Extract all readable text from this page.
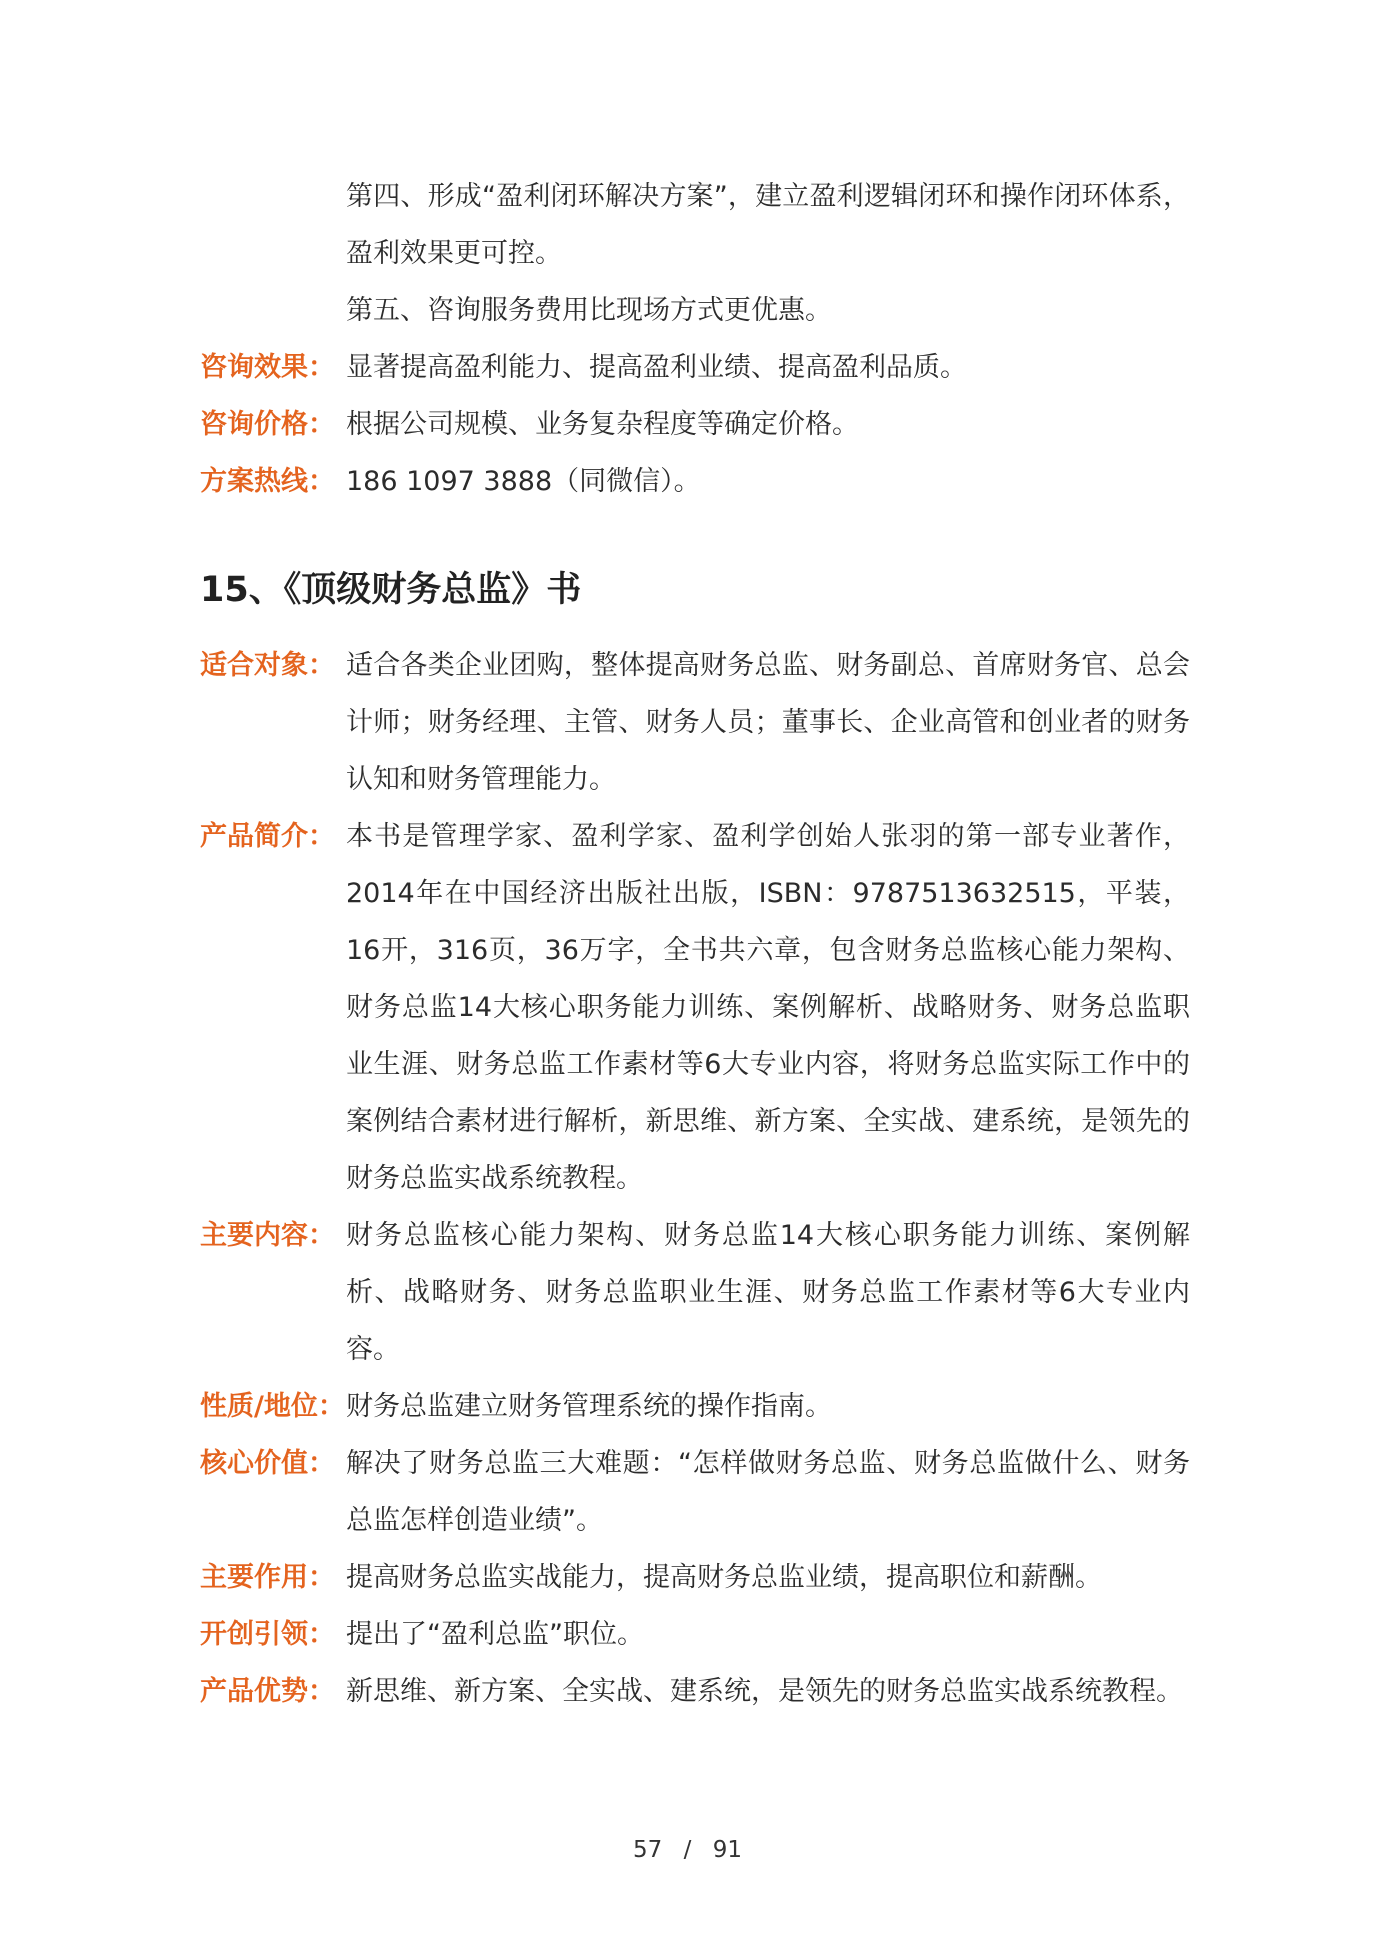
第四、形成“盈利闭环解决方案”，建立盈利逻辑闭环和操作闭环体系，盈利效果更可控。
第五、咨询服务费用比现场方式更优惠。
咨询效果： 显著提高盈利能力、提高盈利业绩、提高盈利品质。
咨询价格： 根据公司规模、业务复杂程度等确定价格。
方案热线： 186 1097 3888（同微信）。
15、《顶级财务总监》书
适合对象： 适合各类企业团购，整体提高财务总监、财务副总、首席财务官、总会计师；财务经理、主管、财务人员；董事长、企业高管和创业者的财务认知和财务管理能力。
产品简介： 本书是管理学家、盈利学家、盈利学创始人张羽的第一部专业著作，2014年在中国经济出版社出版，ISBN：9787513632515，平装，16开，316页，36万字，全书共六章，包含财务总监核心能力架构、财务总监14大核心职务能力训练、案例解析、战略财务、财务总监职业生涯、财务总监工作素材等6大专业内容，将财务总监实际工作中的案例结合素材进行解析，新思维、新方案、全实战、建系统，是领先的财务总监实战系统教程。
主要内容： 财务总监核心能力架构、财务总监14大核心职务能力训练、案例解析、战略财务、财务总监职业生涯、财务总监工作素材等6大专业内容。
性质/地位： 财务总监建立财务管理系统的操作指南。
核心价值： 解决了财务总监三大难题：“怎样做财务总监、财务总监做什么、财务总监怎样创造业绩”。
主要作用： 提高财务总监实战能力，提高财务总监业绩，提高职位和薪酬。
开创引领： 提出了“盈利总监”职位。
产品优势： 新思维、新方案、全实战、建系统，是领先的财务总监实战系统教程。
57 / 91
